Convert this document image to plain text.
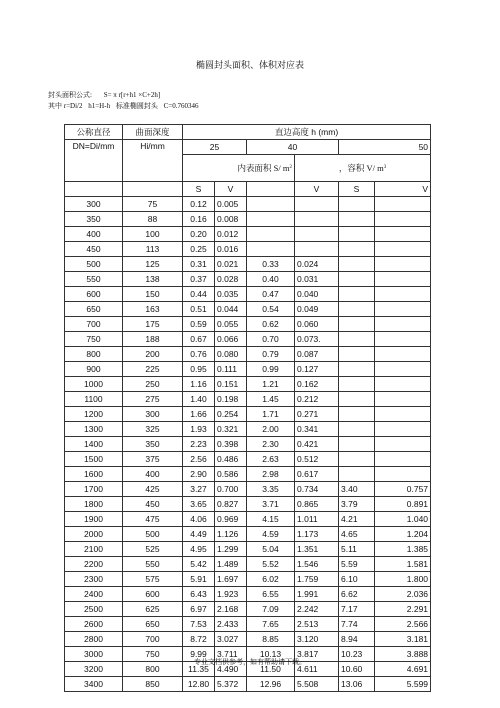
椭圆封头面积、体积对应表
封头面积公式: S= π r[r+h1 ×C+2h]
其中 r=Di/2 h1=H-h 标准椭圆封头 C=0.760346
公称直径	曲面深度	直边高度 h (mm)					
DN=Di/mm	Hi/mm	25		40		50	
		内表面积 S/ $m^2$			，容积 V/ $m^3$
		S	V		V	S	V
300	75	0.12	0.005				
350	88	0.16	0.008				
400	100	0.20	0.012				
450	113	0.25	0.016				
500	125	0.31	0.021	0.33	0.024		
550	138	0.37	0.028	0.40	0.031		
600	150	0.44	0.035	0.47	0.040		
650	163	0.51	0.044	0.54	0.049		
700	175	0.59	0.055	0.62	0.060		
750	188	0.67	0.066	0.70	0.073.		
800	200	0.76	0.080	0.79	0.087		
900	225	0.95	0.111	0.99	0.127		
1000	250	1.16	0.151	1.21	0.162		
1100	275	1.40	0.198	1.45	0.212		
1200	300	1.66	0.254	1.71	0.271		
1300	325	1.93	0.321	2.00	0.341		
1400	350	2.23	0.398	2.30	0.421		
1500	375	2.56	0.486	2.63	0.512		
1600	400	2.90	0.586	2.98	0.617		
1700	425	3.27	0.700	3.35	0.734	3.40	0.757
1800	450	3.65	0.827	3.71	0.865	3.79	0.891
1900	475	4.06	0.969	4.15	1.011	4.21	1.040
2000	500	4.49	1.126	4.59	1.173	4.65	1.204
2100	525	4.95	1.299	5.04	1.351	5.11	1.385
2200	550	5.42	1.489	5.52	1.546	5.59	1.581
2300	575	5.91	1.697	6.02	1.759	6.10	1.800
2400	600	6.43	1.923	6.55	1.991	6.62	2.036
2500	625	6.97	2.168	7.09	2.242	7.17	2.291
2600	650	7.53	2.433	7.65	2.513	7.74	2.566
2800	700	8.72	3.027	8.85	3.120	8.94	3.181
3000	750	9.99	3.711	10.13	3.817	10.23	3.888
3200	800	11.35	4.490	11.50	4.611	10.60	4.691
3400	850	12.80	5.372	12.96	5.508	13.06	5.599
专业文档供参考，如有帮助请下载。
